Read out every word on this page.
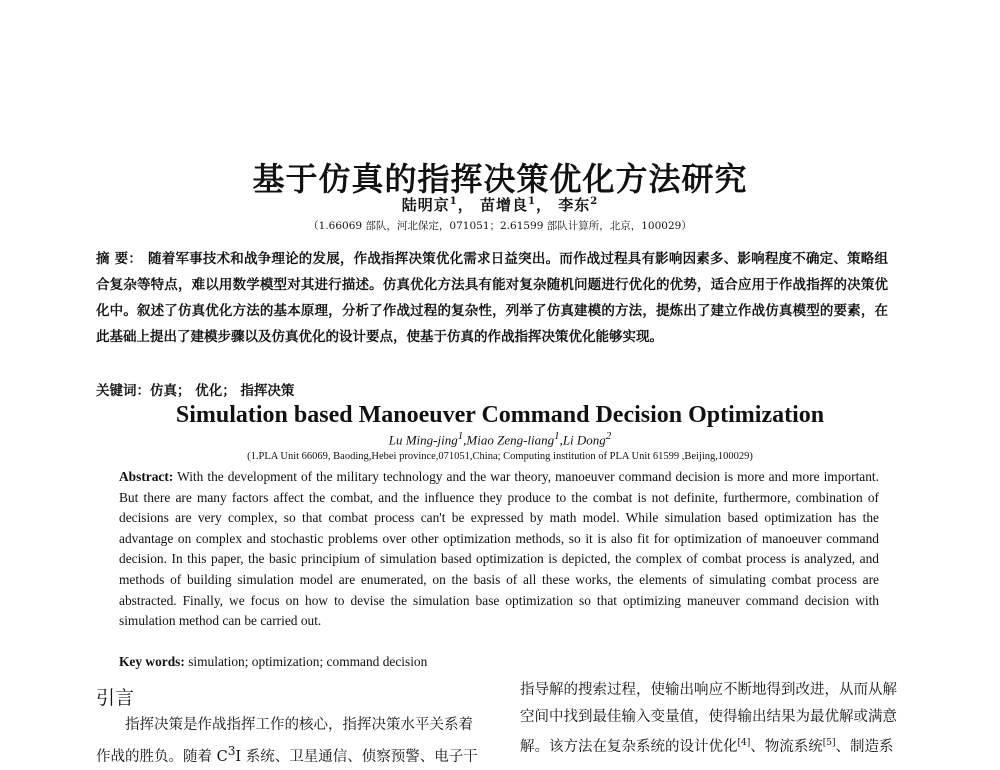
基于仿真的指挥决策优化方法研究
陆明京$^1$， 苗增良$^1$， 李东$^2$
（1.66069 部队，河北保定，071051；2.61599 部队计算所，北京，100029）
摘 要： 随着军事技术和战争理论的发展，作战指挥决策优化需求日益突出。而作战过程具有影响因素多、影响程度不确定、策略组合复杂等特点，难以用数学模型对其进行描述。仿真优化方法具有能对复杂随机问题进行优化的优势，适合应用于作战指挥的决策优化中。叙述了仿真优化方法的基本原理，分析了作战过程的复杂性，列举了仿真建模的方法，提炼出了建立作战仿真模型的要素，在此基础上提出了建模步骤以及仿真优化的设计要点，使基于仿真的作战指挥决策优化能够实现。
关键词：仿真； 优化； 指挥决策
Simulation based Manoeuver Command Decision Optimization
Lu Ming-jing$^1$,Miao Zeng-liang$^1$,Li Dong$^2$
(1.PLA Unit 66069, Baoding,Hebei province,071051,China; Computing institution of PLA Unit 61599 ,Beijing,100029)
Abstract: With the development of the military technology and the war theory, manoeuver command decision is more and more important. But there are many factors affect the combat, and the influence they produce to the combat is not definite, furthermore, combination of decisions are very complex, so that combat process can't be expressed by math model. While simulation based optimization has the advantage on complex and stochastic problems over other optimization methods, so it is also fit for optimization of manoeuver command decision. In this paper, the basic principium of simulation based optimization is depicted, the complex of combat process is analyzed, and methods of building simulation model are enumerated, on the basis of all these works, the elements of simulating combat process are abstracted. Finally, we focus on how to devise the simulation base optimization so that optimizing maneuver command decision with simulation method can be carried out.
Key words: simulation; optimization; command decision
引言

指挥决策是作战指挥工作的核心，指挥决策水平关系着

作战的胜负。随着 $C^3I$ 系统、卫星通信、侦察预警、电子干

指导解的搜索过程，使输出响应不断地得到改进，从而从解

空间中找到最佳输入变量值，使得输出结果为最优解或满意

解。该方法在复杂系统的设计优化[4]、物流系统[5]、制造系
